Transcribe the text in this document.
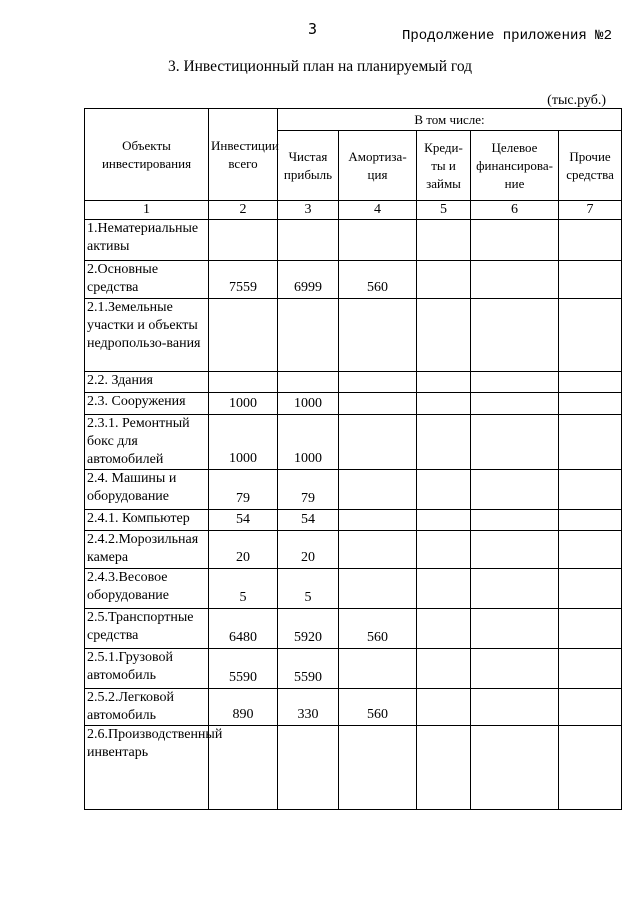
3	Продолжение приложения №2
3. Инвестиционный план на планируемый год
(тыс.руб.)
Объекты инвестирования	Инвестиции всего	В том числе:				
		Чистая прибыль	Амортиза-ция	Креди-ты и займы	Целевое финансирова-ние	Прочие средства
1	2	3	4	5	6	7
1.Нематериальные активы						
2.Основные средства	7559	6999	560			
2.1.Земельные участки и объекты недропользо-вания						
2.2. Здания						
2.3. Сооружения	1000	1000				
2.3.1. Ремонтный бокс для автомобилей	1000	1000				
2.4. Машины и оборудование	79	79				
2.4.1. Компьютер	54	54				
2.4.2.Морозильная камера	20	20				
2.4.3.Весовое оборудование	5	5				
2.5.Транспортные средства	6480	5920	560			
2.5.1.Грузовой автомобиль	5590	5590				
2.5.2.Легковой автомобиль	890	330	560			
2.6.Производственный инвентарь						
